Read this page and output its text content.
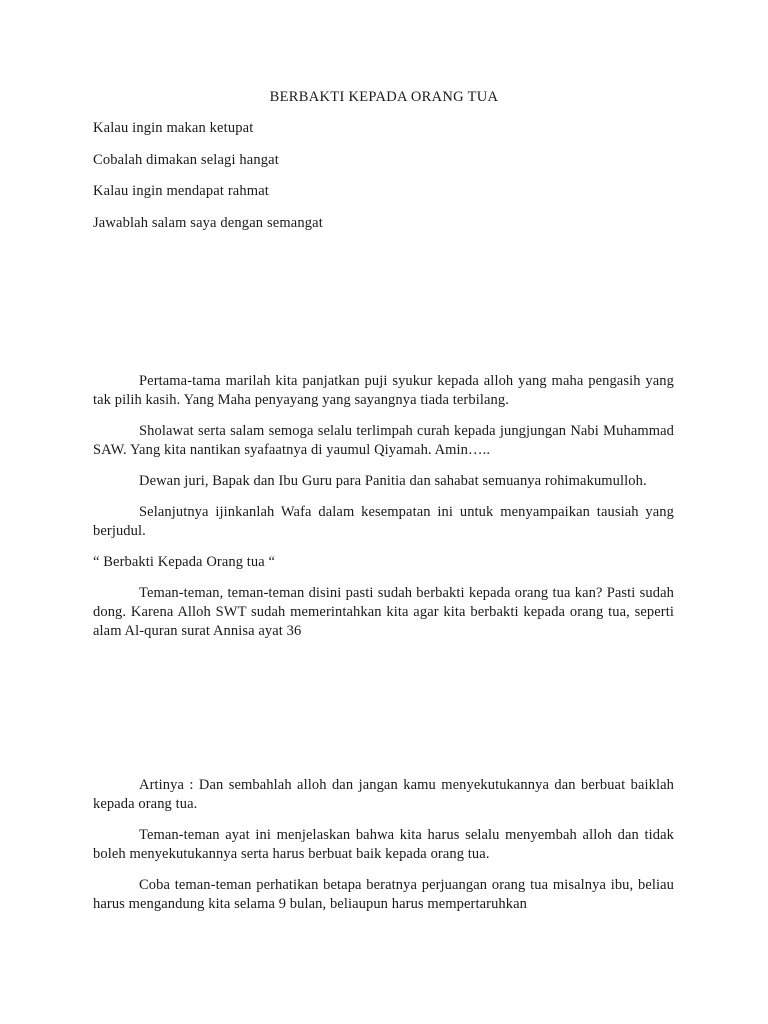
BERBAKTI KEPADA ORANG TUA

Kalau ingin makan ketupat

Cobalah dimakan selagi hangat

Kalau ingin mendapat rahmat

Jawablah salam saya dengan semangat

Pertama-tama marilah kita panjatkan puji syukur kepada alloh yang maha pengasih yang tak pilih kasih. Yang Maha penyayang yang sayangnya tiada terbilang.

Sholawat serta salam semoga selalu terlimpah curah kepada jungjungan Nabi Muhammad SAW. Yang kita nantikan syafaatnya di yaumul Qiyamah. Amin…..

Dewan juri, Bapak dan Ibu Guru para Panitia dan sahabat semuanya rohimakumulloh.

Selanjutnya ijinkanlah Wafa dalam kesempatan ini untuk menyampaikan tausiah yang berjudul.

“ Berbakti Kepada Orang tua “

Teman-teman, teman-teman disini pasti sudah berbakti kepada orang tua kan? Pasti sudah dong. Karena Alloh SWT sudah memerintahkan kita agar kita berbakti kepada orang tua, seperti alam Al-quran surat Annisa ayat 36

Artinya : Dan sembahlah alloh dan jangan kamu menyekutukannya dan berbuat baiklah kepada orang tua.

Teman-teman ayat ini menjelaskan bahwa kita harus selalu menyembah alloh dan tidak boleh menyekutukannya serta harus berbuat baik kepada orang tua.

Coba teman-teman perhatikan betapa beratnya perjuangan orang tua misalnya ibu, beliau harus mengandung kita selama 9 bulan, beliaupun harus mempertaruhkan
